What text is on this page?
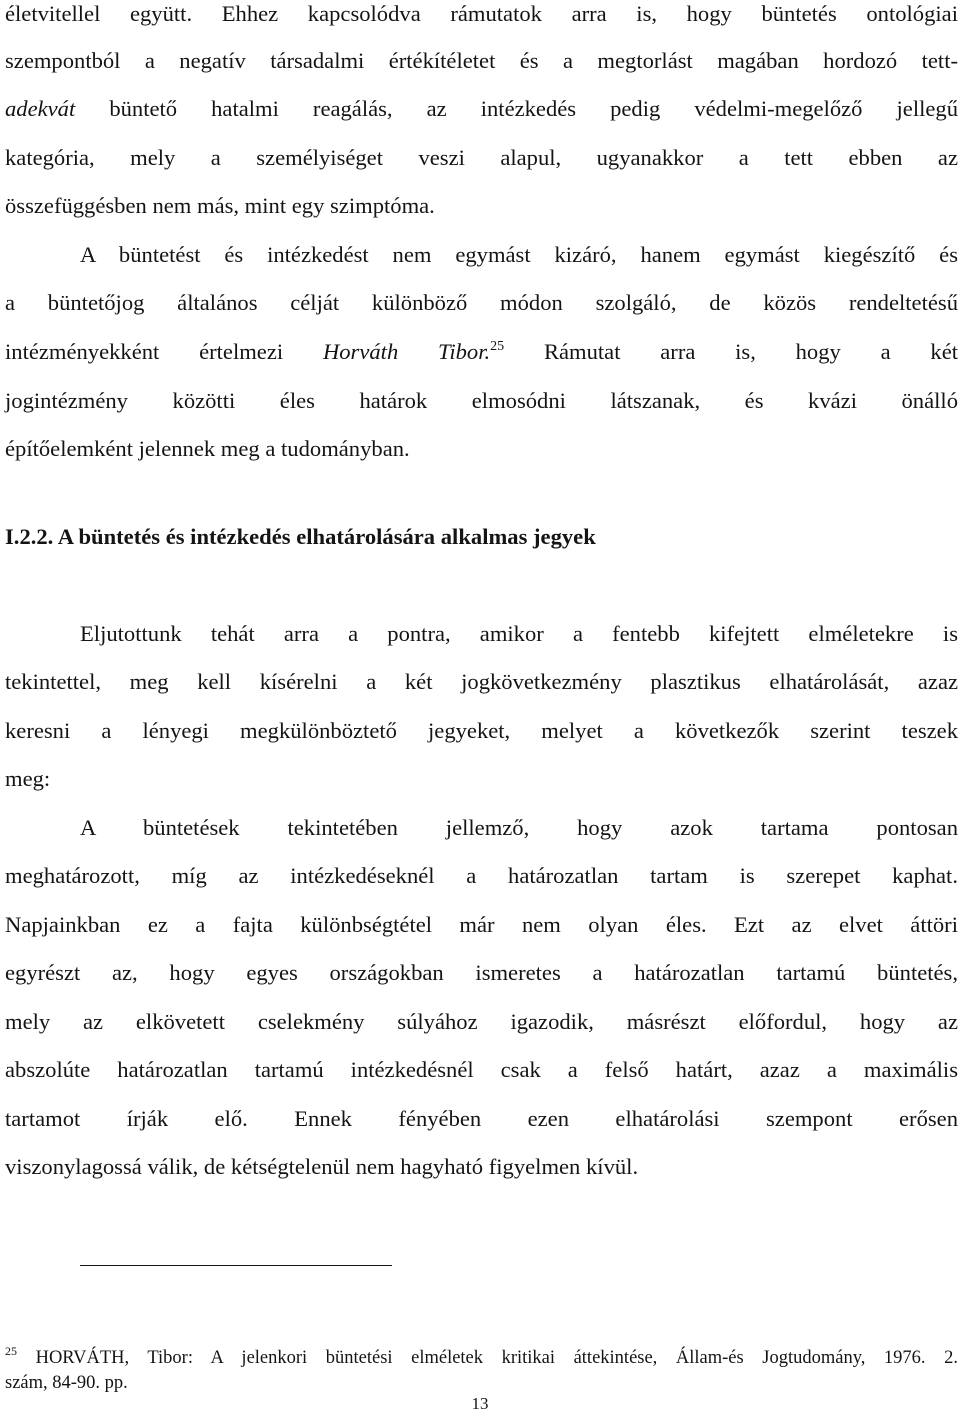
életvitellel együtt. Ehhez kapcsolódva rámutatok arra is, hogy büntetés ontológiai
szempontból a negatív társadalmi értékítéletet és a megtorlást magában hordozó tett-
adekvát büntető hatalmi reagálás, az intézkedés pedig védelmi-megelőző jellegű
kategória, mely a személyiséget veszi alapul, ugyanakkor a tett ebben az
összefüggésben nem más, mint egy szimptóma.
A büntetést és intézkedést nem egymást kizáró, hanem egymást kiegészítő és
a büntetőjog általános célját különböző módon szolgáló, de közös rendeltetésű
intézményekként értelmezi Horváth Tibor.$^{25}$ Rámutat arra is, hogy a két
jogintézmény közötti éles határok elmosódni látszanak, és kvázi önálló
építőelemként jelennek meg a tudományban.
I.2.2. A büntetés és intézkedés elhatárolására alkalmas jegyek
Eljutottunk tehát arra a pontra, amikor a fentebb kifejtett elméletekre is
tekintettel, meg kell kísérelni a két jogkövetkezmény plasztikus elhatárolását, azaz
keresni a lényegi megkülönböztető jegyeket, melyet a következők szerint teszek
meg:
A büntetések tekintetében jellemző, hogy azok tartama pontosan
meghatározott, míg az intézkedéseknél a határozatlan tartam is szerepet kaphat.
Napjainkban ez a fajta különbségtétel már nem olyan éles. Ezt az elvet áttöri
egyrészt az, hogy egyes országokban ismeretes a határozatlan tartamú büntetés,
mely az elkövetett cselekmény súlyához igazodik, másrészt előfordul, hogy az
abszolúte határozatlan tartamú intézkedésnél csak a felső határt, azaz a maximális
tartamot írják elő. Ennek fényében ezen elhatárolási szempont erősen
viszonylagossá válik, de kétségtelenül nem hagyható figyelmen kívül.
$^{25}$ HORVÁTH, Tibor: A jelenkori büntetési elméletek kritikai áttekintése, Állam-és Jogtudomány, 1976. 2.
szám, 84-90. pp.
13
